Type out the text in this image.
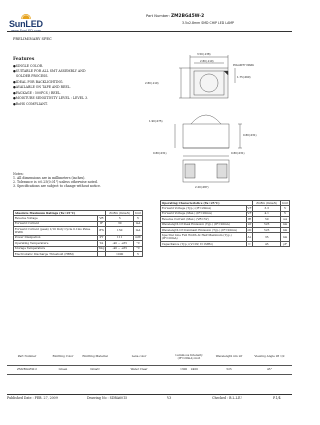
SunLED
www.SunLED.com
Part Number: ZM2BG45W-2
3.5x2.8mm SMD CHIP LED LAMP
PRELIMINARY SPEC
Features
●SINGLE COLOR.
●SUITABLE FOR ALL SMT ASSEMBLY AND
SOLDER PROCESS.
●IDEAL FOR BACKLIGHTING.
●AVAILABLE ON TAPE AND REEL.
●PACKAGE : 500PCS / REEL.
●MOISTURE SENSITIVITY LEVEL : LEVEL 3.
●RoHS COMPLIANT.
3.50(.138)
2.80(.110)
POLARITY MARK
2.80(.110)
1.75(.069)
1.90(.075)
0.80(.031)
0.80(.031)	0.80(.031)
2.20(.087)
Notes:
1. All dimensions are in millimeters (inches).
2. Tolerance is ±0.25(0.01") unless otherwise noted.
3. Specifications are subject to change without notice.
Absolute Maximum Ratings (Ta=25°C)		ZGBG (InGaN)	Unit
Reverse Voltage	VR	5	V
Forward Current	IF	30	mA
Forward Current (peak) 1/10 Duty Cycle 0.1ms Pulse Width	iFS	150	mA
Power Dissipation	PT	111	mW
Operating Temperature	TA	-40 ~ +85	°C
Storage Temperature	Tstg	-40 ~ +85	°C
Electrostatic Discharge Threshold (HBM)		1000	V
Operating Characteristics (Ta=25°C)		ZGBG (InGaN)	Unit
Forward Voltage (Typ.) (IF=20mA)	VF	3.3	V
Forward Voltage (Max.) (IF=20mA)	VF	4.1	V
Reverse Current (Max.) (VR=5V)	IR	50	uA
Wavelength Of Peak Emission (Typ.) (IF=20mA)	λP	525	nm
Wavelength Of Dominant Emission (Typ.) (IF=20mA)	λD	525	nm
Spectral Line Full Width At Half Maximum (Typ.) (IF=20mA)	Δλ	35	nm
Capacitance (Typ.) (V=0V, f=1MHz)	C	45	pF
Part Number	Emitting Color	Emitting Material	Lens-color	Luminous Intensity (IF=20mA) mcd	Wavelength nm λP	Viewing Angle 2θ 1/2
ZM2BG45W-2	Green	InGaN	Water Clear	1300    2400	525	45°
Published Date : FEB. 27, 2009	Drawing No : SDBA6015	V3	Checked : B.L.LIU	P.1/4
